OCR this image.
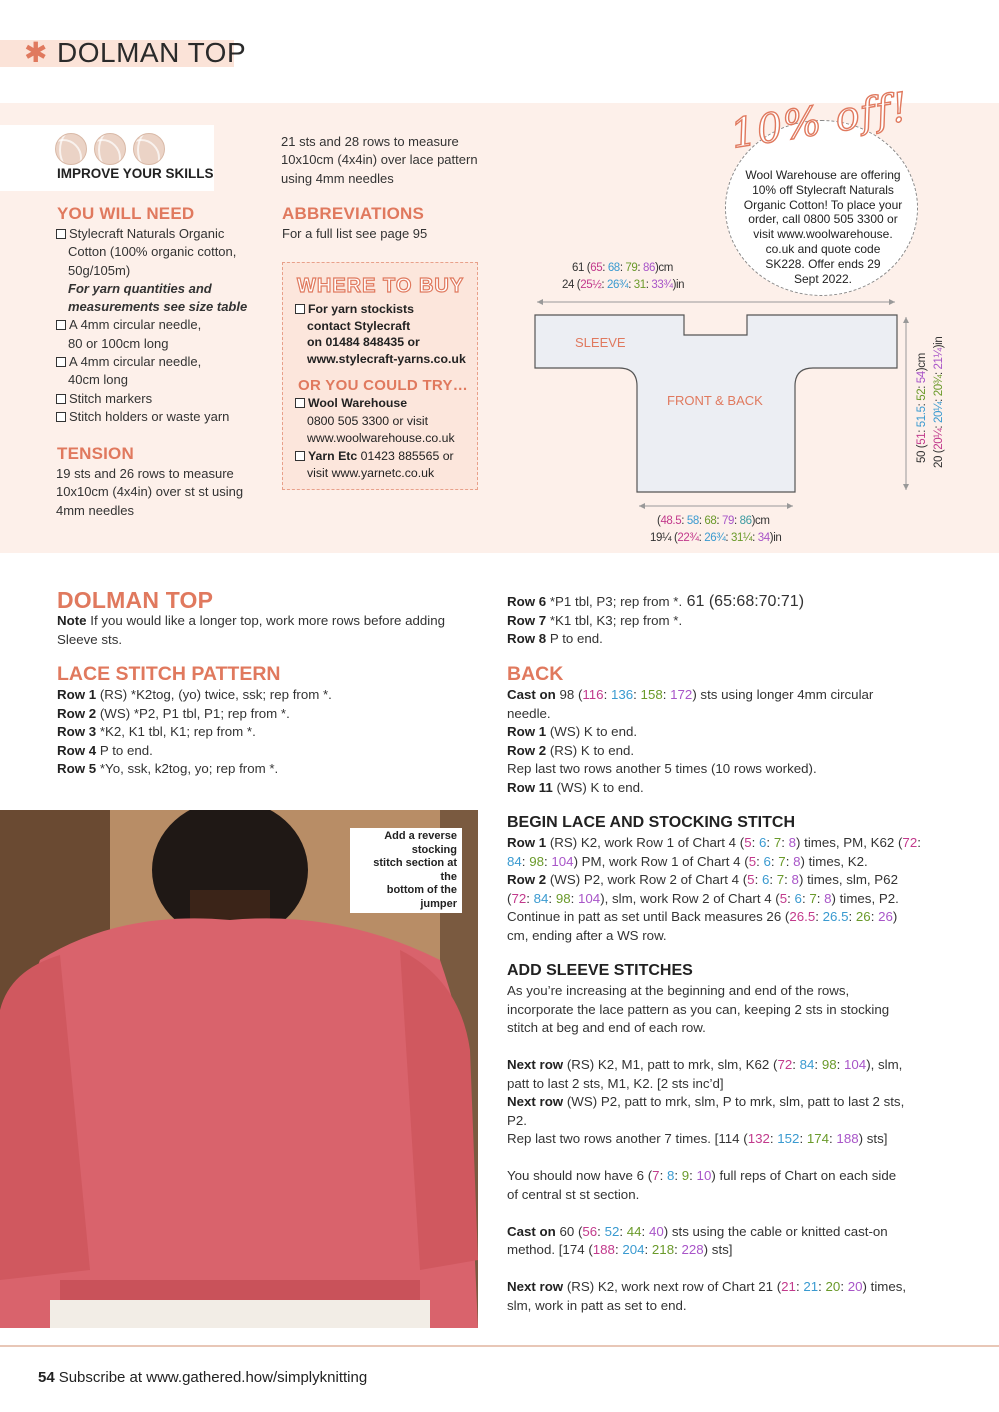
✱ DOLMAN TOP
IMPROVE YOUR SKILLS
YOU WILL NEED
Stylecraft Naturals Organic
Cotton (100% organic cotton,
50g/105m)
For yarn quantities and
measurements see size table
A 4mm circular needle,
80 or 100cm long
A 4mm circular needle,
40cm long
Stitch markers
Stitch holders or waste yarn
TENSION
19 sts and 26 rows to measure
10x10cm (4x4in) over st st using
4mm needles
21 sts and 28 rows to measure
10x10cm (4x4in) over lace pattern
using 4mm needles
ABBREVIATIONS
For a full list see page 95
WHERE TO BUY
For yarn stockists
contact Stylecraft
on 01484 848435 or
www.stylecraft-yarns.co.uk
OR YOU COULD TRY…
Wool Warehouse
0800 505 3300 or visit
www.woolwarehouse.co.uk
Yarn Etc 01423 885565 or
visit www.yarnetc.co.uk
SLEEVE
FRONT & BACK
61 (65: 68: 79: 86)cm
24 (25½: 26¾: 31: 33¾)in
(48.5: 58: 68: 79: 86)cm
19¼ (22¾: 26¾: 31¼: 34)in
50 (51: 51.5: 52: 54)cm
20 (20¼: 20¼: 20¾: 21¼)in
10% off!
Wool Warehouse are offering
10% off Stylecraft Naturals
Organic Cotton! To place your
order, call 0800 505 3300 or
visit www.woolwarehouse.
co.uk and quote code
SK228. Offer ends 29
Sept 2022.
DOLMAN TOP
Note If you would like a longer top, work more rows before adding
Sleeve sts.
LACE STITCH PATTERN
Row 1 (RS) *K2tog, (yo) twice, ssk; rep from *.
Row 2 (WS) *P2, P1 tbl, P1; rep from *.
Row 3 *K2, K1 tbl, K1; rep from *.
Row 4 P to end.
Row 5 *Yo, ssk, k2tog, yo; rep from *.
Add a reverse stocking
stitch section at the
bottom of the jumper
Row 6 *P1 tbl, P3; rep from *. 61 (65:68:70:71)
Row 7 *K1 tbl, K3; rep from *.
Row 8 P to end.
BACK
Cast on 98 (116: 136: 158: 172) sts using longer 4mm circular
needle.
Row 1 (WS) K to end.
Row 2 (RS) K to end.
Rep last two rows another 5 times (10 rows worked).
Row 11 (WS) K to end.
BEGIN LACE AND STOCKING STITCH
Row 1 (RS) K2, work Row 1 of Chart 4 (5: 6: 7: 8) times, PM, K62 (72:
84: 98: 104) PM, work Row 1 of Chart 4 (5: 6: 7: 8) times, K2.
Row 2 (WS) P2, work Row 2 of Chart 4 (5: 6: 7: 8) times, slm, P62
(72: 84: 98: 104), slm, work Row 2 of Chart 4 (5: 6: 7: 8) times, P2.
Continue in patt as set until Back measures 26 (26.5: 26.5: 26: 26)
cm, ending after a WS row.
ADD SLEEVE STITCHES
As you’re increasing at the beginning and end of the rows,
incorporate the lace pattern as you can, keeping 2 sts in stocking
stitch at beg and end of each row.
Next row (RS) K2, M1, patt to mrk, slm, K62 (72: 84: 98: 104), slm,
patt to last 2 sts, M1, K2. [2 sts inc’d]
Next row (WS) P2, patt to mrk, slm, P to mrk, slm, patt to last 2 sts,
P2.
Rep last two rows another 7 times. [114 (132: 152: 174: 188) sts]
You should now have 6 (7: 8: 9: 10) full reps of Chart on each side
of central st st section.
Cast on 60 (56: 52: 44: 40) sts using the cable or knitted cast-on
method. [174 (188: 204: 218: 228) sts]
Next row (RS) K2, work next row of Chart 21 (21: 21: 20: 20) times,
slm, work in patt as set to end.
54 Subscribe at www.gathered.how/simplyknitting
